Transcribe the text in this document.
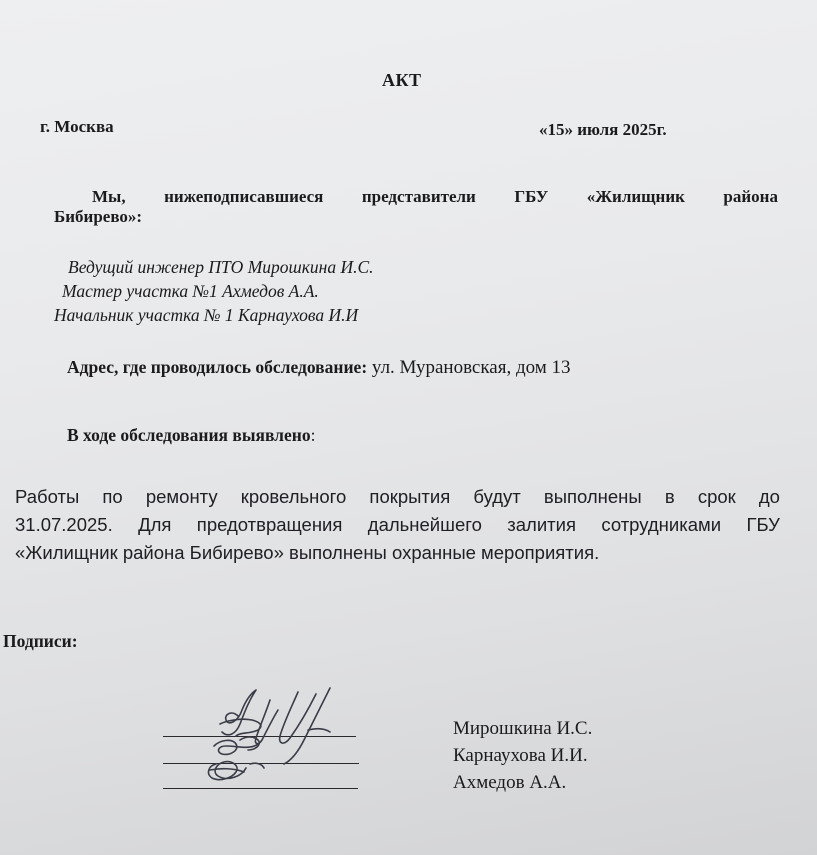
АКТ
г. Москва	«15» июля 2025г.
Мы, нижеподписавшиеся представители ГБУ «Жилищник района
Бибирево»:
Ведущий инженер ПТО Мирошкина И.С.
Мастер участка №1 Ахмедов А.А.
Начальник участка № 1 Карнаухова И.И
Адрес, где проводилось обследование: ул. Мурановская, дом 13
В ходе обследования выявлено:
Работы по ремонту кровельного покрытия будут выполнены в срок до
31.07.2025. Для предотвращения дальнейшего залития сотрудниками ГБУ
«Жилищник района Бибирево» выполнены охранные мероприятия.
Подписи:
Мирошкина И.С.
Карнаухова И.И.
Ахмедов А.А.
